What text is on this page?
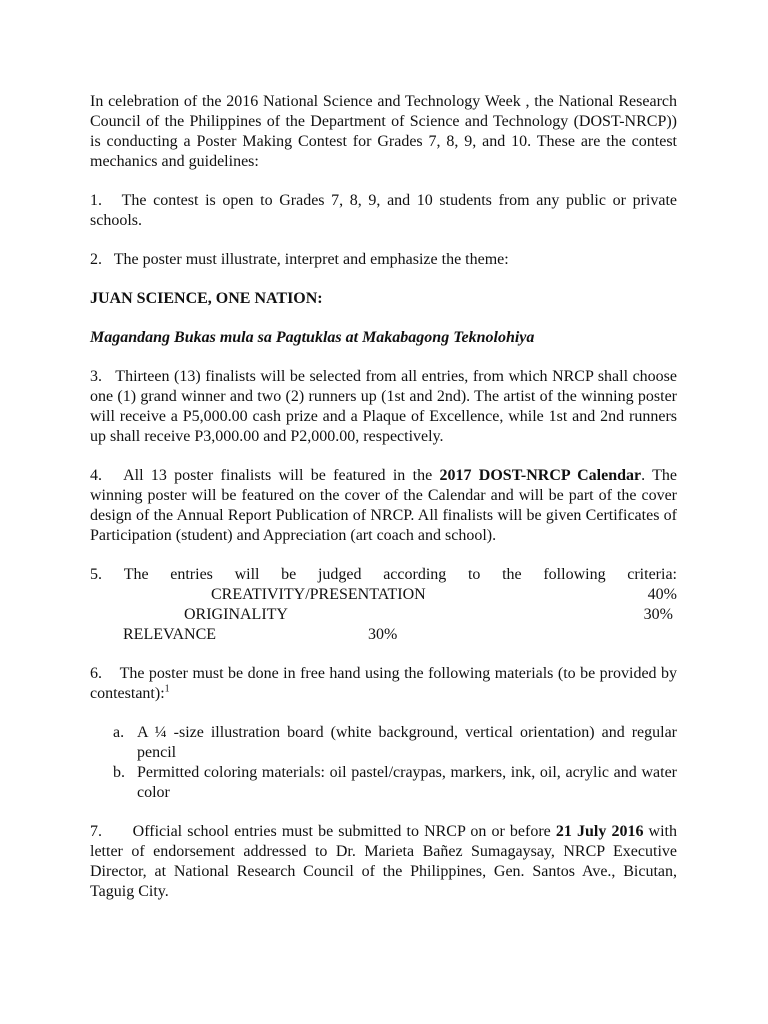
In celebration of the 2016 National Science and Technology Week , the National Research Council of the Philippines of the Department of Science and Technology (DOST-NRCP)) is conducting a Poster Making Contest for Grades 7, 8, 9, and 10. These are the contest mechanics and guidelines:

1. The contest is open to Grades 7, 8, 9, and 10 students from any public or private schools.

2. The poster must illustrate, interpret and emphasize the theme:

JUAN SCIENCE, ONE NATION:

Magandang Bukas mula sa Pagtuklas at Makabagong Teknolohiya

3. Thirteen (13) finalists will be selected from all entries, from which NRCP shall choose one (1) grand winner and two (2) runners up (1st and 2nd). The artist of the winning poster will receive a P5,000.00 cash prize and a Plaque of Excellence, while 1st and 2nd runners up shall receive P3,000.00 and P2,000.00, respectively.

4. All 13 poster finalists will be featured in the 2017 DOST-NRCP Calendar. The winning poster will be featured on the cover of the Calendar and will be part of the cover design of the Annual Report Publication of NRCP. All finalists will be given Certificates of Participation (student) and Appreciation (art coach and school).

5. The entries will be judged according to the following criteria:
CREATIVITY/PRESENTATION	40%
ORIGINALITY	30%
RELEVANCE	30%

6. The poster must be done in free hand using the following materials (to be provided by contestant):$^1$

a. A ¼ -size illustration board (white background, vertical orientation) and regular pencil
b. Permitted coloring materials: oil pastel/craypas, markers, ink, oil, acrylic and water color

7. Official school entries must be submitted to NRCP on or before 21 July 2016 with letter of endorsement addressed to Dr. Marieta Bañez Sumagaysay, NRCP Executive Director, at National Research Council of the Philippines, Gen. Santos Ave., Bicutan, Taguig City.
